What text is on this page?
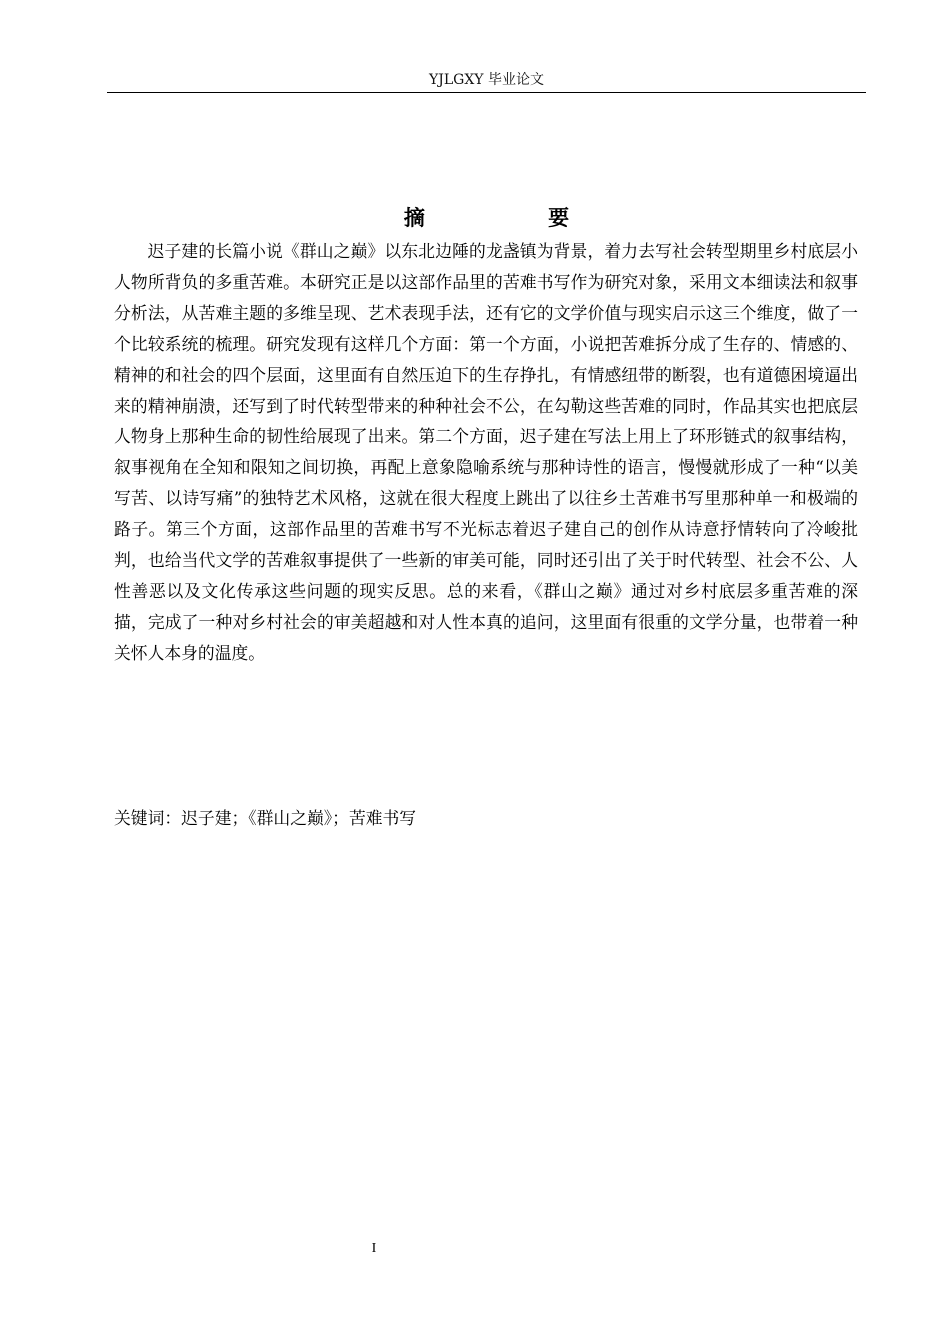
YJLGXY 毕业论文
摘 要

迟子建的长篇小说《群山之巅》以东北边陲的龙盏镇为背景，着力去写社会转型期里乡村底层小人物所背负的多重苦难。本研究正是以这部作品里的苦难书写作为研究对象，采用文本细读法和叙事分析法，从苦难主题的多维呈现、艺术表现手法，还有它的文学价值与现实启示这三个维度，做了一个比较系统的梳理。研究发现有这样几个方面：第一个方面，小说把苦难拆分成了生存的、情感的、精神的和社会的四个层面，这里面有自然压迫下的生存挣扎，有情感纽带的断裂，也有道德困境逼出来的精神崩溃，还写到了时代转型带来的种种社会不公，在勾勒这些苦难的同时，作品其实也把底层人物身上那种生命的韧性给展现了出来。第二个方面，迟子建在写法上用上了环形链式的叙事结构，叙事视角在全知和限知之间切换，再配上意象隐喻系统与那种诗性的语言，慢慢就形成了一种“以美写苦、以诗写痛”的独特艺术风格，这就在很大程度上跳出了以往乡土苦难书写里那种单一和极端的路子。第三个方面，这部作品里的苦难书写不光标志着迟子建自己的创作从诗意抒情转向了冷峻批判，也给当代文学的苦难叙事提供了一些新的审美可能，同时还引出了关于时代转型、社会不公、人性善恶以及文化传承这些问题的现实反思。总的来看，《群山之巅》通过对乡村底层多重苦难的深描，完成了一种对乡村社会的审美超越和对人性本真的追问，这里面有很重的文学分量，也带着一种关怀人本身的温度。

关键词：迟子建；《群山之巅》；苦难书写
I
